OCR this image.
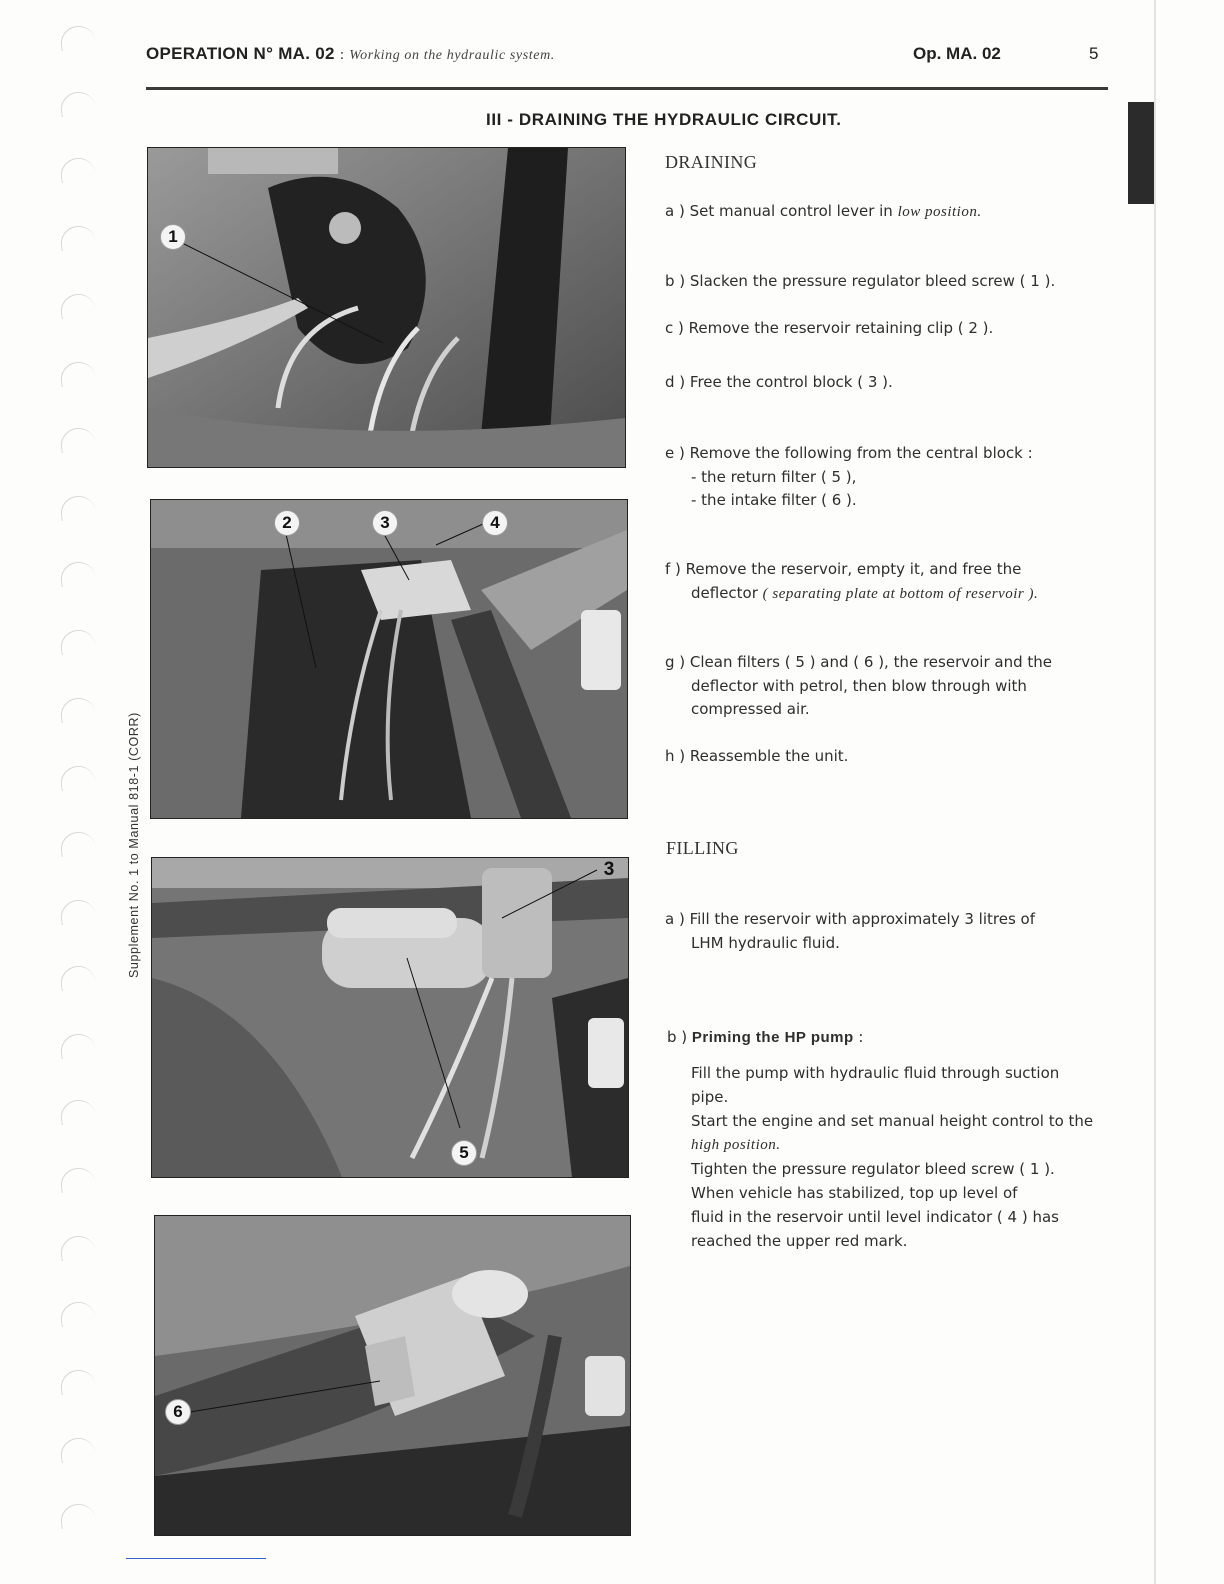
OPERATION N° MA. 02 : Working on the hydraulic system.	Op. MA. 02	5
III - DRAINING THE HYDRAULIC CIRCUIT.
Supplement No. 1 to Manual 818-1 (CORR)
1
2	3	4
3
5
6
DRAINING
a ) Set manual control lever in low position.
b ) Slacken the pressure regulator bleed screw ( 1 ).
c ) Remove the reservoir retaining clip ( 2 ).
d ) Free the control block ( 3 ).
e ) Remove the following from the central block :
- the return filter ( 5 ),
- the intake filter ( 6 ).
f ) Remove the reservoir, empty it, and free the
deflector ( separating plate at bottom of reservoir ).
g ) Clean filters ( 5 ) and ( 6 ), the reservoir and the
deflector with petrol, then blow through with
compressed air.
h ) Reassemble the unit.
FILLING
a ) Fill the reservoir with approximately 3 litres of
LHM hydraulic fluid.
b ) Priming the HP pump :
Fill the pump with hydraulic fluid through suction
pipe.
Start the engine and set manual height control to the
high position.
Tighten the pressure regulator bleed screw ( 1 ).
When vehicle has stabilized, top up level of
fluid in the reservoir until level indicator ( 4 ) has
reached the upper red mark.
